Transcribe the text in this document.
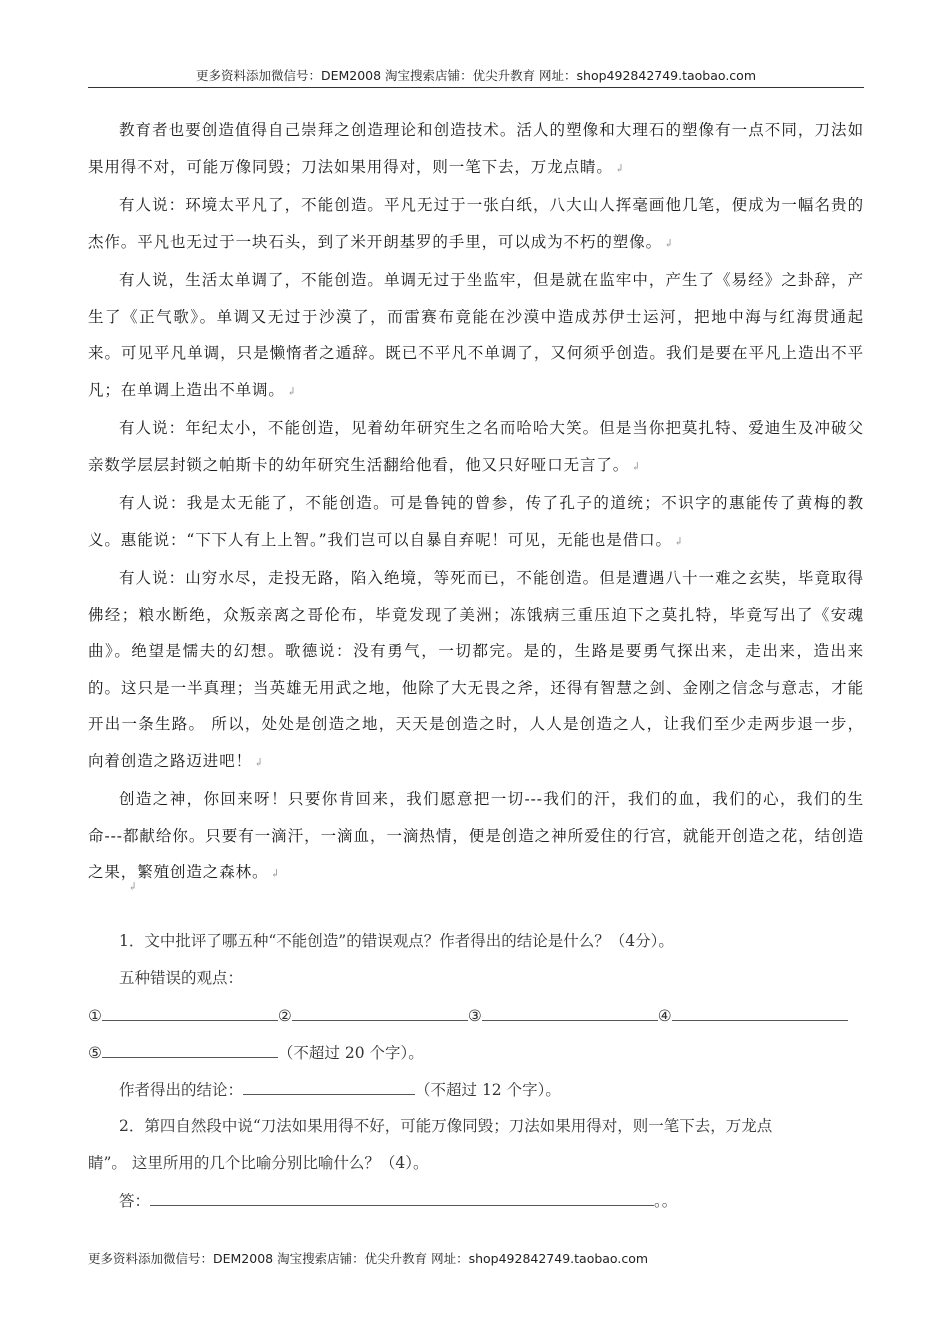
更多资料添加微信号：DEM2008 淘宝搜索店铺：优尖升教育 网址：shop492842749.taobao.com

教育者也要创造值得自己崇拜之创造理论和创造技术。活人的塑像和大理石的塑像有一点不同，刀法如果用得不对，可能万像同毁；刀法如果用得对，则一笔下去，万龙点睛。 ↲

有人说：环境太平凡了，不能创造。平凡无过于一张白纸，八大山人挥毫画他几笔，便成为一幅名贵的杰作。平凡也无过于一块石头，到了米开朗基罗的手里，可以成为不朽的塑像。 ↲

有人说，生活太单调了，不能创造。单调无过于坐监牢，但是就在监牢中，产生了《易经》之卦辞，产生了《正气歌》。单调又无过于沙漠了，而雷赛布竟能在沙漠中造成苏伊士运河，把地中海与红海贯通起来。可见平凡单调，只是懒惰者之遁辞。既已不平凡不单调了，又何须乎创造。我们是要在平凡上造出不平凡；在单调上造出不单调。 ↲

有人说：年纪太小，不能创造，见着幼年研究生之名而哈哈大笑。但是当你把莫扎特、爱迪生及冲破父亲数学层层封锁之帕斯卡的幼年研究生活翻给他看，他又只好哑口无言了。 ↲

有人说：我是太无能了，不能创造。可是鲁钝的曾参，传了孔子的道统；不识字的惠能传了黄梅的教义。惠能说：“下下人有上上智。”我们岂可以自暴自弃呢！可见，无能也是借口。 ↲

有人说：山穷水尽，走投无路，陷入绝境，等死而已，不能创造。但是遭遇八十一难之玄奘，毕竟取得佛经；粮水断绝，众叛亲离之哥伦布，毕竟发现了美洲；冻饿病三重压迫下之莫扎特，毕竟写出了《安魂曲》。绝望是懦夫的幻想。歌德说：没有勇气，一切都完。是的，生路是要勇气探出来，走出来，造出来的。这只是一半真理；当英雄无用武之地，他除了大无畏之斧，还得有智慧之剑、金刚之信念与意志，才能开出一条生路。 所以，处处是创造之地，天天是创造之时，人人是创造之人，让我们至少走两步退一步，向着创造之路迈进吧！ ↲

创造之神，你回来呀！只要你肯回来，我们愿意把一切---我们的汗，我们的血，我们的心，我们的生命---都献给你。只要有一滴汗，一滴血，一滴热情，便是创造之神所爱住的行宫，就能开创造之花，结创造之果，繁殖创造之森林。 ↲

↲
1．文中批评了哪五种“不能创造”的错误观点？作者得出的结论是什么？（4分）。
五种错误的观点：
①	②	③	④
⑤	（不超过 20 个字）。
作者得出的结论：	（不超过 12 个字）。
2．第四自然段中说“刀法如果用得不好，可能万像同毁；刀法如果用得对，则一笔下去，万龙点
睛”。 这里所用的几个比喻分别比喻什么？（4）。
答：	。。
更多资料添加微信号：DEM2008 淘宝搜索店铺：优尖升教育 网址：shop492842749.taobao.com
